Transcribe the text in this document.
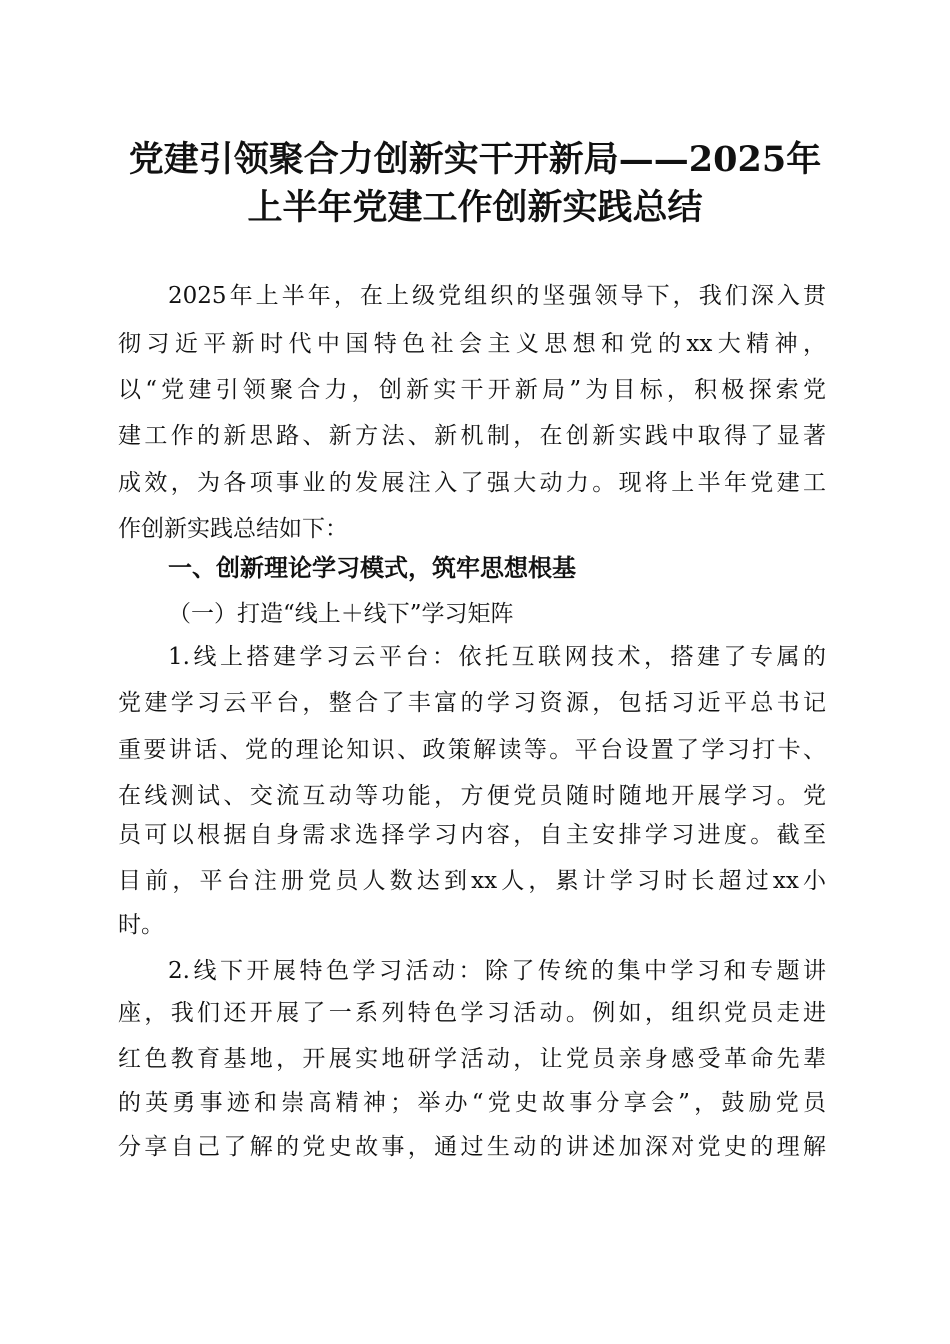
党建引领聚合力创新实干开新局——2025年
上半年党建工作创新实践总结
2025年上半年，在上级党组织的坚强领导下，我们深入贯
彻习近平新时代中国特色社会主义思想和党的xx大精神，
以“党建引领聚合力，创新实干开新局”为目标，积极探索党
建工作的新思路、新方法、新机制，在创新实践中取得了显著
成效，为各项事业的发展注入了强大动力。现将上半年党建工
作创新实践总结如下：
一、创新理论学习模式，筑牢思想根基
（一）打造“线上＋线下”学习矩阵
1.线上搭建学习云平台：依托互联网技术，搭建了专属的
党建学习云平台，整合了丰富的学习资源，包括习近平总书记
重要讲话、党的理论知识、政策解读等。平台设置了学习打卡、
在线测试、交流互动等功能，方便党员随时随地开展学习。党
员可以根据自身需求选择学习内容，自主安排学习进度。截至
目前，平台注册党员人数达到xx人，累计学习时长超过xx小
时。
2.线下开展特色学习活动：除了传统的集中学习和专题讲
座，我们还开展了一系列特色学习活动。例如，组织党员走进
红色教育基地，开展实地研学活动，让党员亲身感受革命先辈
的英勇事迹和崇高精神；举办“党史故事分享会”，鼓励党员
分享自己了解的党史故事，通过生动的讲述加深对党史的理解
